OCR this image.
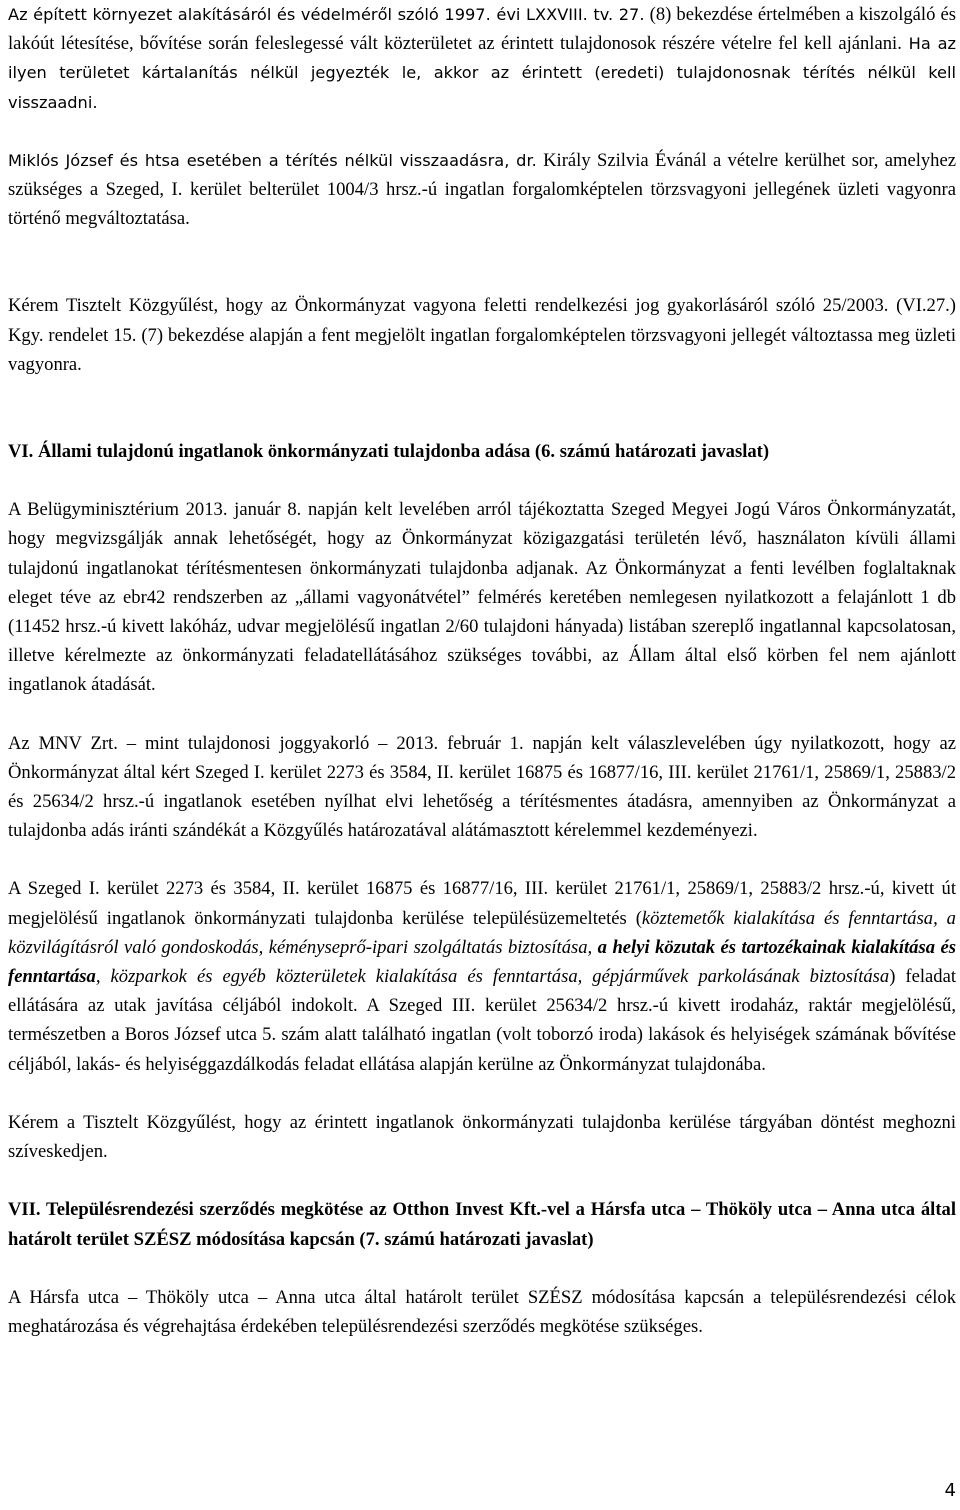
Az épített környezet alakításáról és védelméről szóló 1997. évi LXXVIII. tv. 27. (8) bekezdése értelmében a kiszolgáló és lakóút létesítése, bővítése során feleslegessé vált közterületet az érintett tulajdonosok részére vételre fel kell ajánlani. Ha az ilyen területet kártalanítás nélkül jegyezték le, akkor az érintett (eredeti) tulajdonosnak térítés nélkül kell visszaadni.

Miklós József és htsa esetében a térítés nélkül visszaadásra, dr. Király Szilvia Évánál a vételre kerülhet sor, amelyhez szükséges a Szeged, I. kerület belterület 1004/3 hrsz.-ú ingatlan forgalomképtelen törzsvagyoni jellegének üzleti vagyonra történő megváltoztatása.

Kérem Tisztelt Közgyűlést, hogy az Önkormányzat vagyona feletti rendelkezési jog gyakorlásáról szóló 25/2003. (VI.27.) Kgy. rendelet 15. (7) bekezdése alapján a fent megjelölt ingatlan forgalomképtelen törzsvagyoni jellegét változtassa meg üzleti vagyonra.

VI. Állami tulajdonú ingatlanok önkormányzati tulajdonba adása (6. számú határozati javaslat)

A Belügyminisztérium 2013. január 8. napján kelt levelében arról tájékoztatta Szeged Megyei Jogú Város Önkormányzatát, hogy megvizsgálják annak lehetőségét, hogy az Önkormányzat közigazgatási területén lévő, használaton kívüli állami tulajdonú ingatlanokat térítésmentesen önkormányzati tulajdonba adjanak. Az Önkormányzat a fenti levélben foglaltaknak eleget téve az ebr42 rendszerben az „állami vagyonátvétel” felmérés keretében nemlegesen nyilatkozott a felajánlott 1 db (11452 hrsz.-ú kivett lakóház, udvar megjelölésű ingatlan 2/60 tulajdoni hányada) listában szereplő ingatlannal kapcsolatosan, illetve kérelmezte az önkormányzati feladatellátásához szükséges további, az Állam által első körben fel nem ajánlott ingatlanok átadását.

Az MNV Zrt. – mint tulajdonosi joggyakorló – 2013. február 1. napján kelt válaszlevelében úgy nyilatkozott, hogy az Önkormányzat által kért Szeged I. kerület 2273 és 3584, II. kerület 16875 és 16877/16, III. kerület 21761/1, 25869/1, 25883/2 és 25634/2 hrsz.-ú ingatlanok esetében nyílhat elvi lehetőség a térítésmentes átadásra, amennyiben az Önkormányzat a tulajdonba adás iránti szándékát a Közgyűlés határozatával alátámasztott kérelemmel kezdeményezi.

A Szeged I. kerület 2273 és 3584, II. kerület 16875 és 16877/16, III. kerület 21761/1, 25869/1, 25883/2 hrsz.-ú, kivett út megjelölésű ingatlanok önkormányzati tulajdonba kerülése településüzemeltetés (köztemetők kialakítása és fenntartása, a közvilágításról való gondoskodás, kéményseprő-ipari szolgáltatás biztosítása, a helyi közutak és tartozékainak kialakítása és fenntartása, közparkok és egyéb közterületek kialakítása és fenntartása, gépjárművek parkolásának biztosítása) feladat ellátására az utak javítása céljából indokolt. A Szeged III. kerület 25634/2 hrsz.-ú kivett irodaház, raktár megjelölésű, természetben a Boros József utca 5. szám alatt található ingatlan (volt toborzó iroda) lakások és helyiségek számának bővítése céljából, lakás- és helyiséggazdálkodás feladat ellátása alapján kerülne az Önkormányzat tulajdonába.

Kérem a Tisztelt Közgyűlést, hogy az érintett ingatlanok önkormányzati tulajdonba kerülése tárgyában döntést meghozni szíveskedjen.

VII. Településrendezési szerződés megkötése az Otthon Invest Kft.-vel a Hársfa utca – Thököly utca – Anna utca által határolt terület SZÉSZ módosítása kapcsán (7. számú határozati javaslat)

A Hársfa utca – Thököly utca – Anna utca által határolt terület SZÉSZ módosítása kapcsán a településrendezési célok meghatározása és végrehajtása érdekében településrendezési szerződés megkötése szükséges.

4
